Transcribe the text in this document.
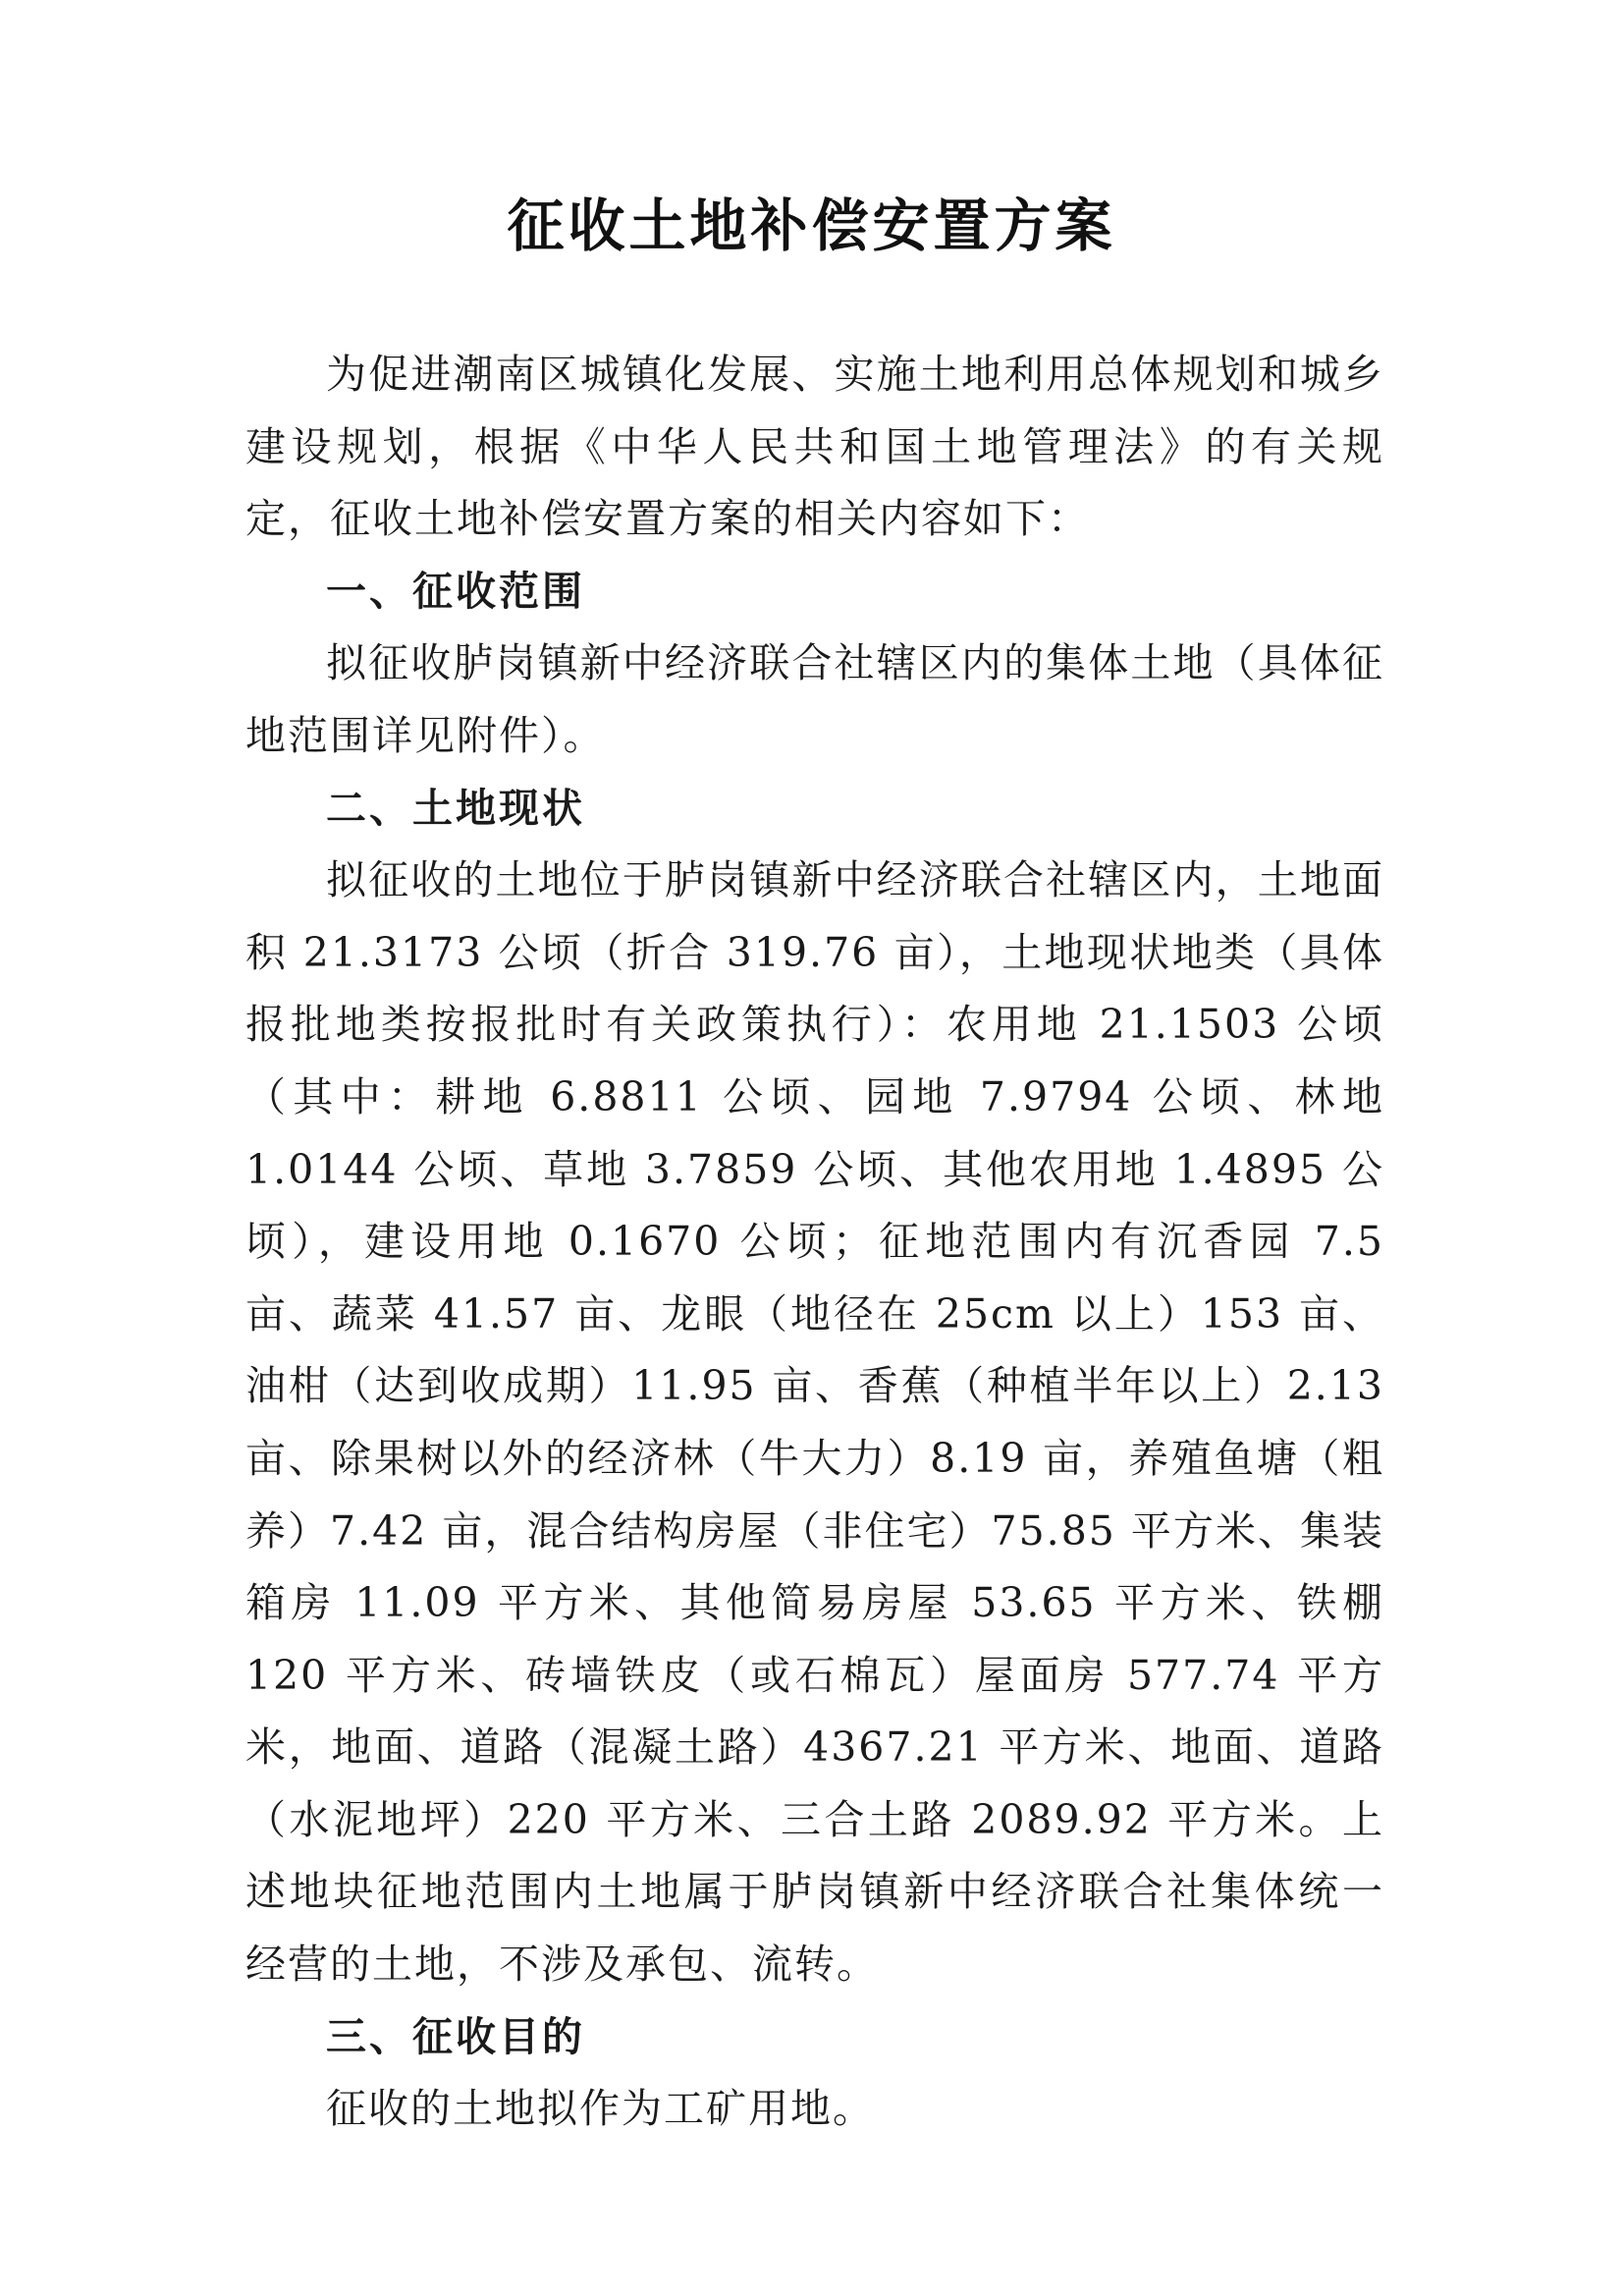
征收土地补偿安置方案

为促进潮南区城镇化发展、实施土地利用总体规划和城乡建设规划，根据《中华人民共和国土地管理法》的有关规定，征收土地补偿安置方案的相关内容如下：

一、征收范围

拟征收胪岗镇新中经济联合社辖区内的集体土地（具体征地范围详见附件）。

二、土地现状

拟征收的土地位于胪岗镇新中经济联合社辖区内，土地面积 21.3173 公顷（折合 319.76 亩），土地现状地类（具体报批地类按报批时有关政策执行）：农用地 21.1503 公顷（其中：耕地 6.8811 公顷、园地 7.9794 公顷、林地 1.0144 公顷、草地 3.7859 公顷、其他农用地 1.4895 公顷），建设用地 0.1670 公顷；征地范围内有沉香园 7.5 亩、蔬菜 41.57 亩、龙眼（地径在 25cm 以上）153 亩、油柑（达到收成期）11.95 亩、香蕉（种植半年以上）2.13 亩、除果树以外的经济林（牛大力）8.19 亩，养殖鱼塘（粗养）7.42 亩，混合结构房屋（非住宅）75.85 平方米、集装箱房 11.09 平方米、其他简易房屋 53.65 平方米、铁棚 120 平方米、砖墙铁皮（或石棉瓦）屋面房 577.74 平方米，地面、道路（混凝土路）4367.21 平方米、地面、道路（水泥地坪）220 平方米、三合土路 2089.92 平方米。上述地块征地范围内土地属于胪岗镇新中经济联合社集体统一经营的土地，不涉及承包、流转。

三、征收目的

征收的土地拟作为工矿用地。
